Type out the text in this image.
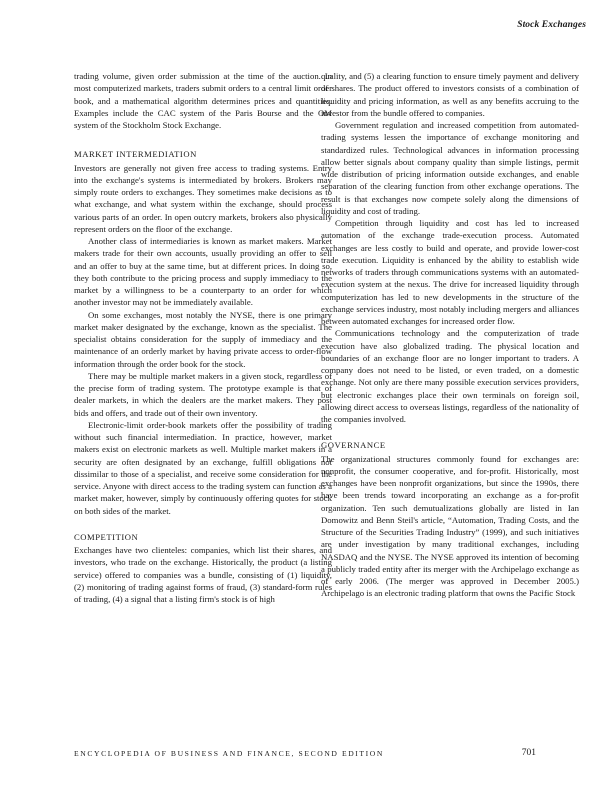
Stock Exchanges

trading volume, given order submission at the time of the auction. In most computerized markets, traders submit orders to a central limit order book, and a mathematical algorithm determines prices and quantities. Examples include the CAC system of the Paris Bourse and the OM system of the Stockholm Stock Exchange.

MARKET INTERMEDIATION

Investors are generally not given free access to trading systems. Entry into the exchange's systems is intermediated by brokers. Brokers may simply route orders to exchanges. They sometimes make decisions as to what exchange, and what system within the exchange, should process various parts of an order. In open outcry markets, brokers also physically represent orders on the floor of the exchange.

Another class of intermediaries is known as market makers. Market makers trade for their own accounts, usually providing an offer to sell and an offer to buy at the same time, but at different prices. In doing so, they both contribute to the pricing process and supply immediacy to the market by a willingness to be a counterparty to an order for which another investor may not be immediately available.

On some exchanges, most notably the NYSE, there is one primary market maker designated by the exchange, known as the specialist. The specialist obtains consideration for the supply of immediacy and the maintenance of an orderly market by having private access to order-flow information through the order book for the stock.

There may be multiple market makers in a given stock, regardless of the precise form of trading system. The prototype example is that of dealer markets, in which the dealers are the market makers. They post bids and offers, and trade out of their own inventory.

Electronic-limit order-book markets offer the possibility of trading without such financial intermediation. In practice, however, market makers exist on electronic markets as well. Multiple market makers in a security are often designated by an exchange, fulfill obligations not dissimilar to those of a specialist, and receive some consideration for the service. Anyone with direct access to the trading system can function as a market maker, however, simply by continuously offering quotes for stock on both sides of the market.

COMPETITION

Exchanges have two clienteles: companies, which list their shares, and investors, who trade on the exchange. Historically, the product (a listing service) offered to companies was a bundle, consisting of (1) liquidity, (2) monitoring of trading against forms of fraud, (3) standard-form rules of trading, (4) a signal that a listing firm's stock is of high

quality, and (5) a clearing function to ensure timely payment and delivery of shares. The product offered to investors consists of a combination of liquidity and pricing information, as well as any benefits accruing to the investor from the bundle offered to companies.

Government regulation and increased competition from automated-trading systems lessen the importance of exchange monitoring and standardized rules. Technological advances in information processing allow better signals about company quality than simple listings, permit wide distribution of pricing information outside exchanges, and enable separation of the clearing function from other exchange operations. The result is that exchanges now compete solely along the dimensions of liquidity and cost of trading.

Competition through liquidity and cost has led to increased automation of the exchange trade-execution process. Automated exchanges are less costly to build and operate, and provide lower-cost trade execution. Liquidity is enhanced by the ability to establish wide networks of traders through communications systems with an automated-execution system at the nexus. The drive for increased liquidity through computerization has led to new developments in the structure of the exchange services industry, most notably including mergers and alliances between automated exchanges for increased order flow.

Communications technology and the computerization of trade execution have also globalized trading. The physical location and boundaries of an exchange floor are no longer important to traders. A company does not need to be listed, or even traded, on a domestic exchange. Not only are there many possible execution services providers, but electronic exchanges place their own terminals on foreign soil, allowing direct access to overseas listings, regardless of the nationality of the companies involved.

GOVERNANCE

The organizational structures commonly found for exchanges are: nonprofit, the consumer cooperative, and for-profit. Historically, most exchanges have been nonprofit organizations, but since the 1990s, there have been trends toward incorporating an exchange as a for-profit organization. Ten such demutualizations globally are listed in Ian Domowitz and Benn Steil's article, “Automation, Trading Costs, and the Structure of the Securities Trading Industry” (1999), and such initiatives are under investigation by many traditional exchanges, including NASDAQ and the NYSE. The NYSE approved its intention of becoming a publicly traded entity after its merger with the Archipelago exchange as of early 2006. (The merger was approved in December 2005.) Archipelago is an electronic trading platform that owns the Pacific Stock

ENCYCLOPEDIA OF BUSINESS AND FINANCE, SECOND EDITION	701
